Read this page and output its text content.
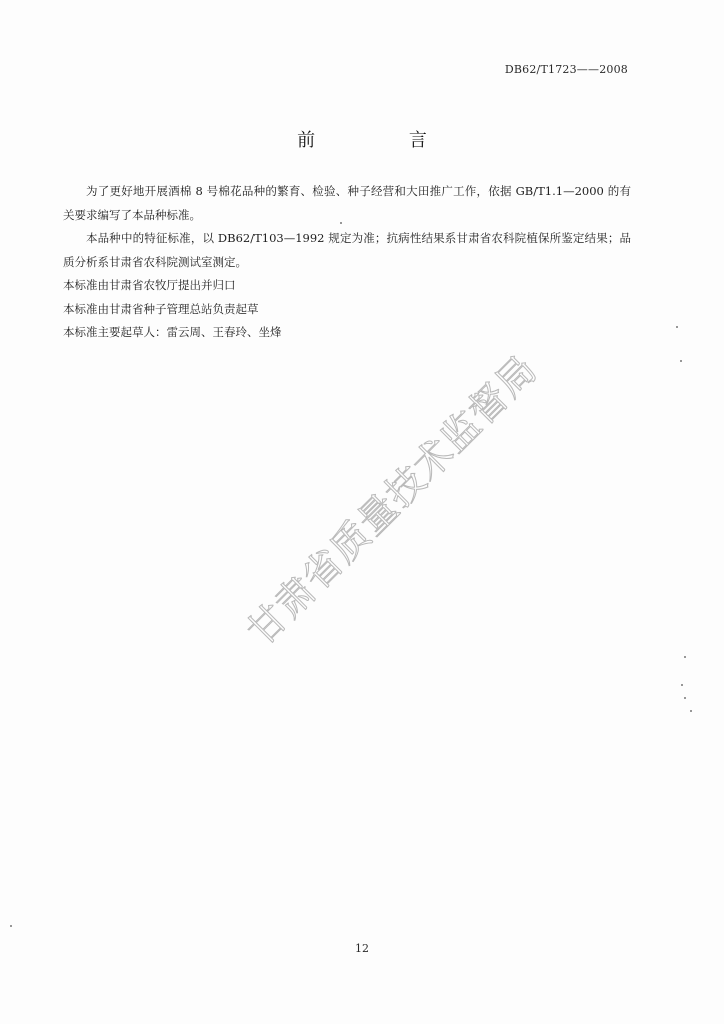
DB62/T1723——2008
前 言

为了更好地开展酒棉 8 号棉花品种的繁育、检验、种子经营和大田推广工作，依据 GB/T1.1—2000 的有关要求编写了本品种标准。

本品种中的特征标准，以 DB62/T103—1992 规定为准；抗病性结果系甘肃省农科院植保所鉴定结果；品质分析系甘肃省农科院测试室测定。

本标准由甘肃省农牧厅提出并归口

本标准由甘肃省种子管理总站负责起草

本标准主要起草人：雷云周、王春玲、坐烽

甘肃省质量技术监督局
12
